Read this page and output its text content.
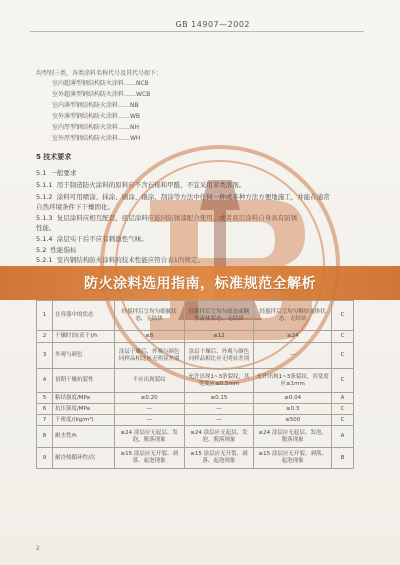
GB 14907—2002
均型别三类，各类涂料名称代号及其代号如下：
室内超薄型钢结构防火涂料……NCB
室外超薄型钢结构防火涂料……WCB
室内薄型钢结构防火涂料……NB
室外薄型钢结构防火涂料……WB
室内厚型钢结构防火涂料……NH
室外厚型钢结构防火涂料……WH
5 技术要求
5.1 一般要求
5.1.1 用于制造防火涂料的原料应不含石棉和甲醛，不宜采用苯类溶剂。
5.1.2 涂料可用喷涂、抹涂、刷涂、辊涂、刮涂等方法中任何一种或多种方法方便地施工，并能在通常
自然环境条件下干燥固化。
5.1.3 复层涂料应相互配套，底层涂料应能同防锈漆配合使用，或者底层涂料自身具有防锈
性能。
5.1.4 涂层实干后不应有刺激性气味。
5.2 性能指标
5.2.1 室内钢结构防火涂料的技术性能应符合表1的规定。
防火涂料选用指南，标准规范全解析
1	在容器中的状态	经搅拌后呈均匀细腻状态，无结块	经搅拌后呈均匀液态或稠厚流体状态，无结块	经搅拌后呈均匀稠厚流体状态，无结块	C
2	干燥时间(表干)/h	≤8	≤12	≤24	C
3	外观与颜色	涂层干燥后，外观与颜色同样品相比应无明显差别	涂层干燥后，外观与颜色同样品相比应无明显差别	—	C
4	初期干燥抗裂性	不应出现裂纹	允许出现1~3条裂纹，其宽度应≤0.5mm	允许出现1~3条裂纹，其宽度应≤1mm	C
5	粘结强度/MPa	≥0.20	≥0.15	≥0.04	A
6	抗压强度/MPa	—	—	≥0.3	C
7	干密度/(kg/m³)	—	—	≤500	C
8	耐水性/h	≥24 涂层应无起层、发泡、脱落现象	≥24 涂层应无起层、发泡、脱落现象	≥24 涂层应无起层、发泡、脱落现象	A
9	耐冷热循环性/次	≥15 涂层应无开裂、剥落、起泡现象	≥15 涂层应无开裂、剥落、起泡现象	≥15 涂层应无开裂、剥落、起泡现象	B
2
